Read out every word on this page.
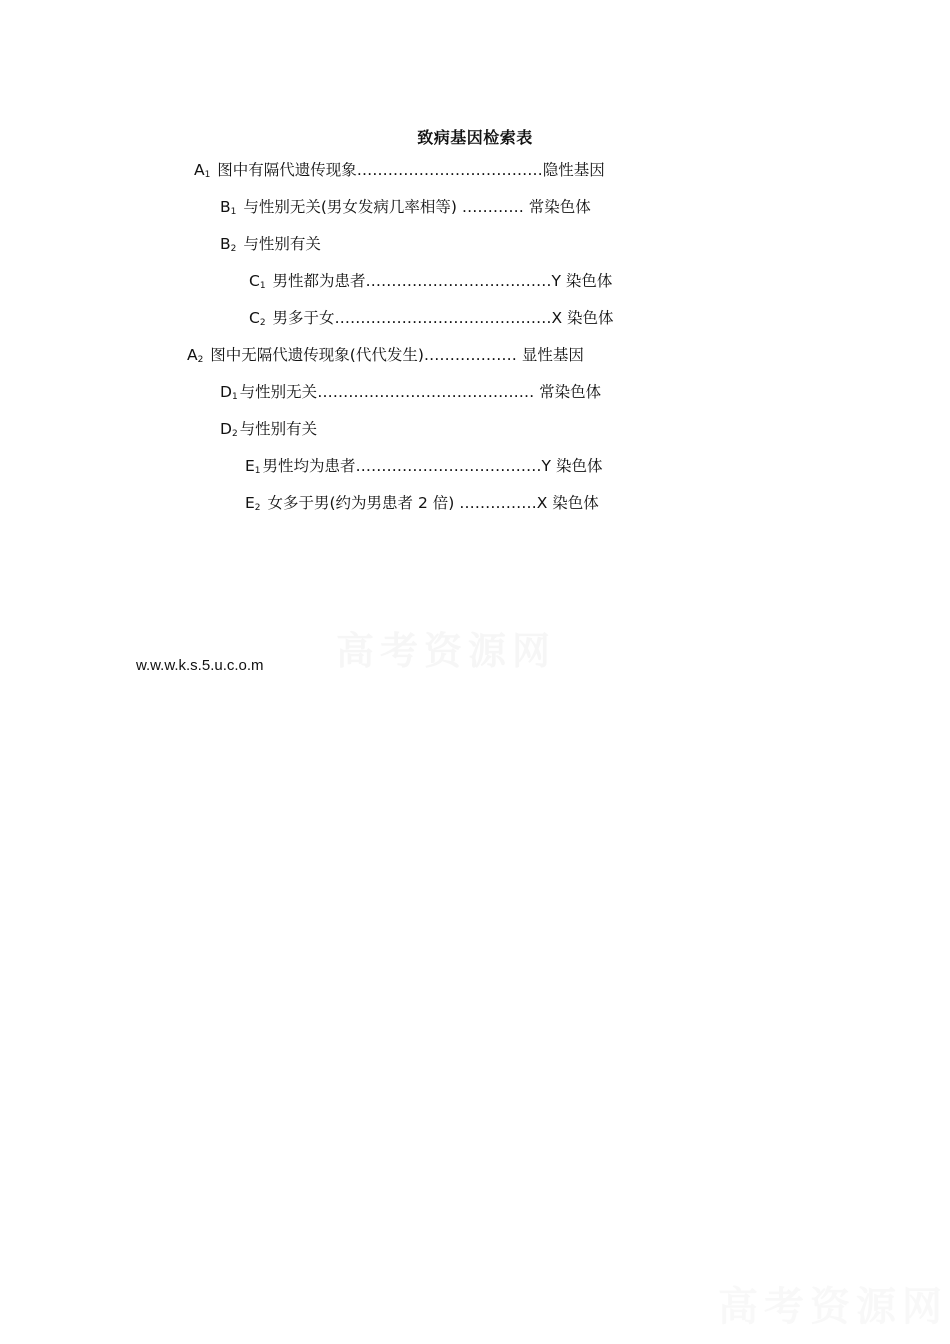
致病基因检索表
$A_1$ 图中有隔代遗传现象………………………………隐性基因
$B_1$ 与性别无关(男女发病几率相等) ………… 常染色体
$B_2$ 与性别有关
$C_1$ 男性都为患者………………………………Y 染色体
$C_2$ 男多于女……………………………………X 染色体
$A_2$ 图中无隔代遗传现象(代代发生)……………… 显性基因
$D_1$ 与性别无关…………………………………… 常染色体
$D_2$ 与性别有关
$E_1$ 男性均为患者………………………………Y 染色体
$E_2$ 女多于男(约为男患者 2 倍) ……………X 染色体
w.w.w.k.s.5.u.c.o.m 高考资源网
高考资源网
